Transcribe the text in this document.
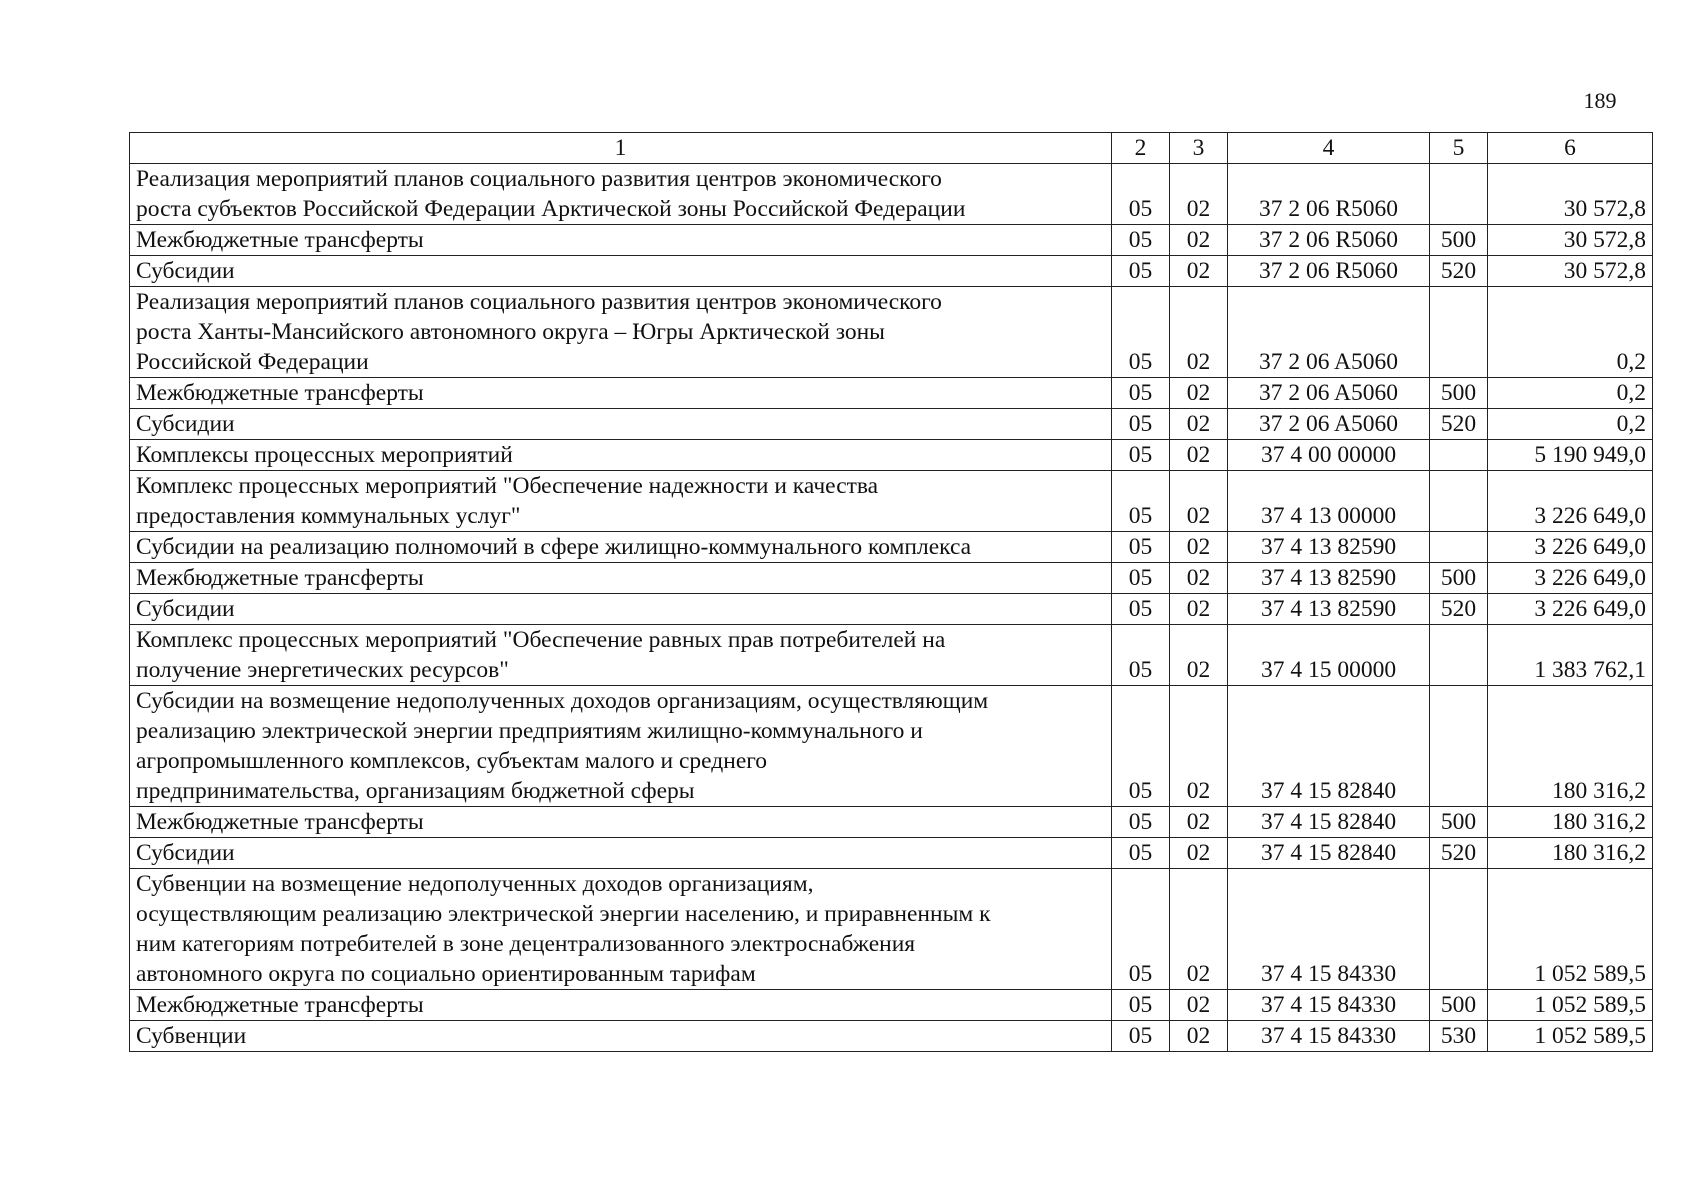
189
1	2	3	4	5	6

Реализация мероприятий планов социального развития центров экономического
роста субъектов Российской Федерации Арктической зоны Российской Федерации	05	02	37 2 06 R5060		30 572,8

Межбюджетные трансферты	05	02	37 2 06 R5060	500	30 572,8

Субсидии	05	02	37 2 06 R5060	520	30 572,8

Реализация мероприятий планов социального развития центров экономического
роста Ханты-Мансийского автономного округа – Югры Арктической зоны
Российской Федерации	05	02	37 2 06 A5060		0,2

Межбюджетные трансферты	05	02	37 2 06 A5060	500	0,2

Субсидии	05	02	37 2 06 A5060	520	0,2

Комплексы процессных мероприятий	05	02	37 4 00 00000		5 190 949,0

Комплекс процессных мероприятий "Обеспечение надежности и качества
предоставления коммунальных услуг"	05	02	37 4 13 00000		3 226 649,0

Субсидии на реализацию полномочий в сфере жилищно-коммунального комплекса	05	02	37 4 13 82590		3 226 649,0

Межбюджетные трансферты	05	02	37 4 13 82590	500	3 226 649,0

Субсидии	05	02	37 4 13 82590	520	3 226 649,0

Комплекс процессных мероприятий "Обеспечение равных прав потребителей на
получение энергетических ресурсов"	05	02	37 4 15 00000		1 383 762,1

Субсидии на возмещение недополученных доходов организациям, осуществляющим
реализацию электрической энергии предприятиям жилищно-коммунального и
агропромышленного комплексов, субъектам малого и среднего
предпринимательства, организациям бюджетной сферы	05	02	37 4 15 82840		180 316,2

Межбюджетные трансферты	05	02	37 4 15 82840	500	180 316,2

Субсидии	05	02	37 4 15 82840	520	180 316,2

Субвенции на возмещение недополученных доходов организациям,
осуществляющим реализацию электрической энергии населению, и приравненным к
ним категориям потребителей в зоне децентрализованного электроснабжения
автономного округа по социально ориентированным тарифам	05	02	37 4 15 84330		1 052 589,5

Межбюджетные трансферты	05	02	37 4 15 84330	500	1 052 589,5

Субвенции	05	02	37 4 15 84330	530	1 052 589,5
